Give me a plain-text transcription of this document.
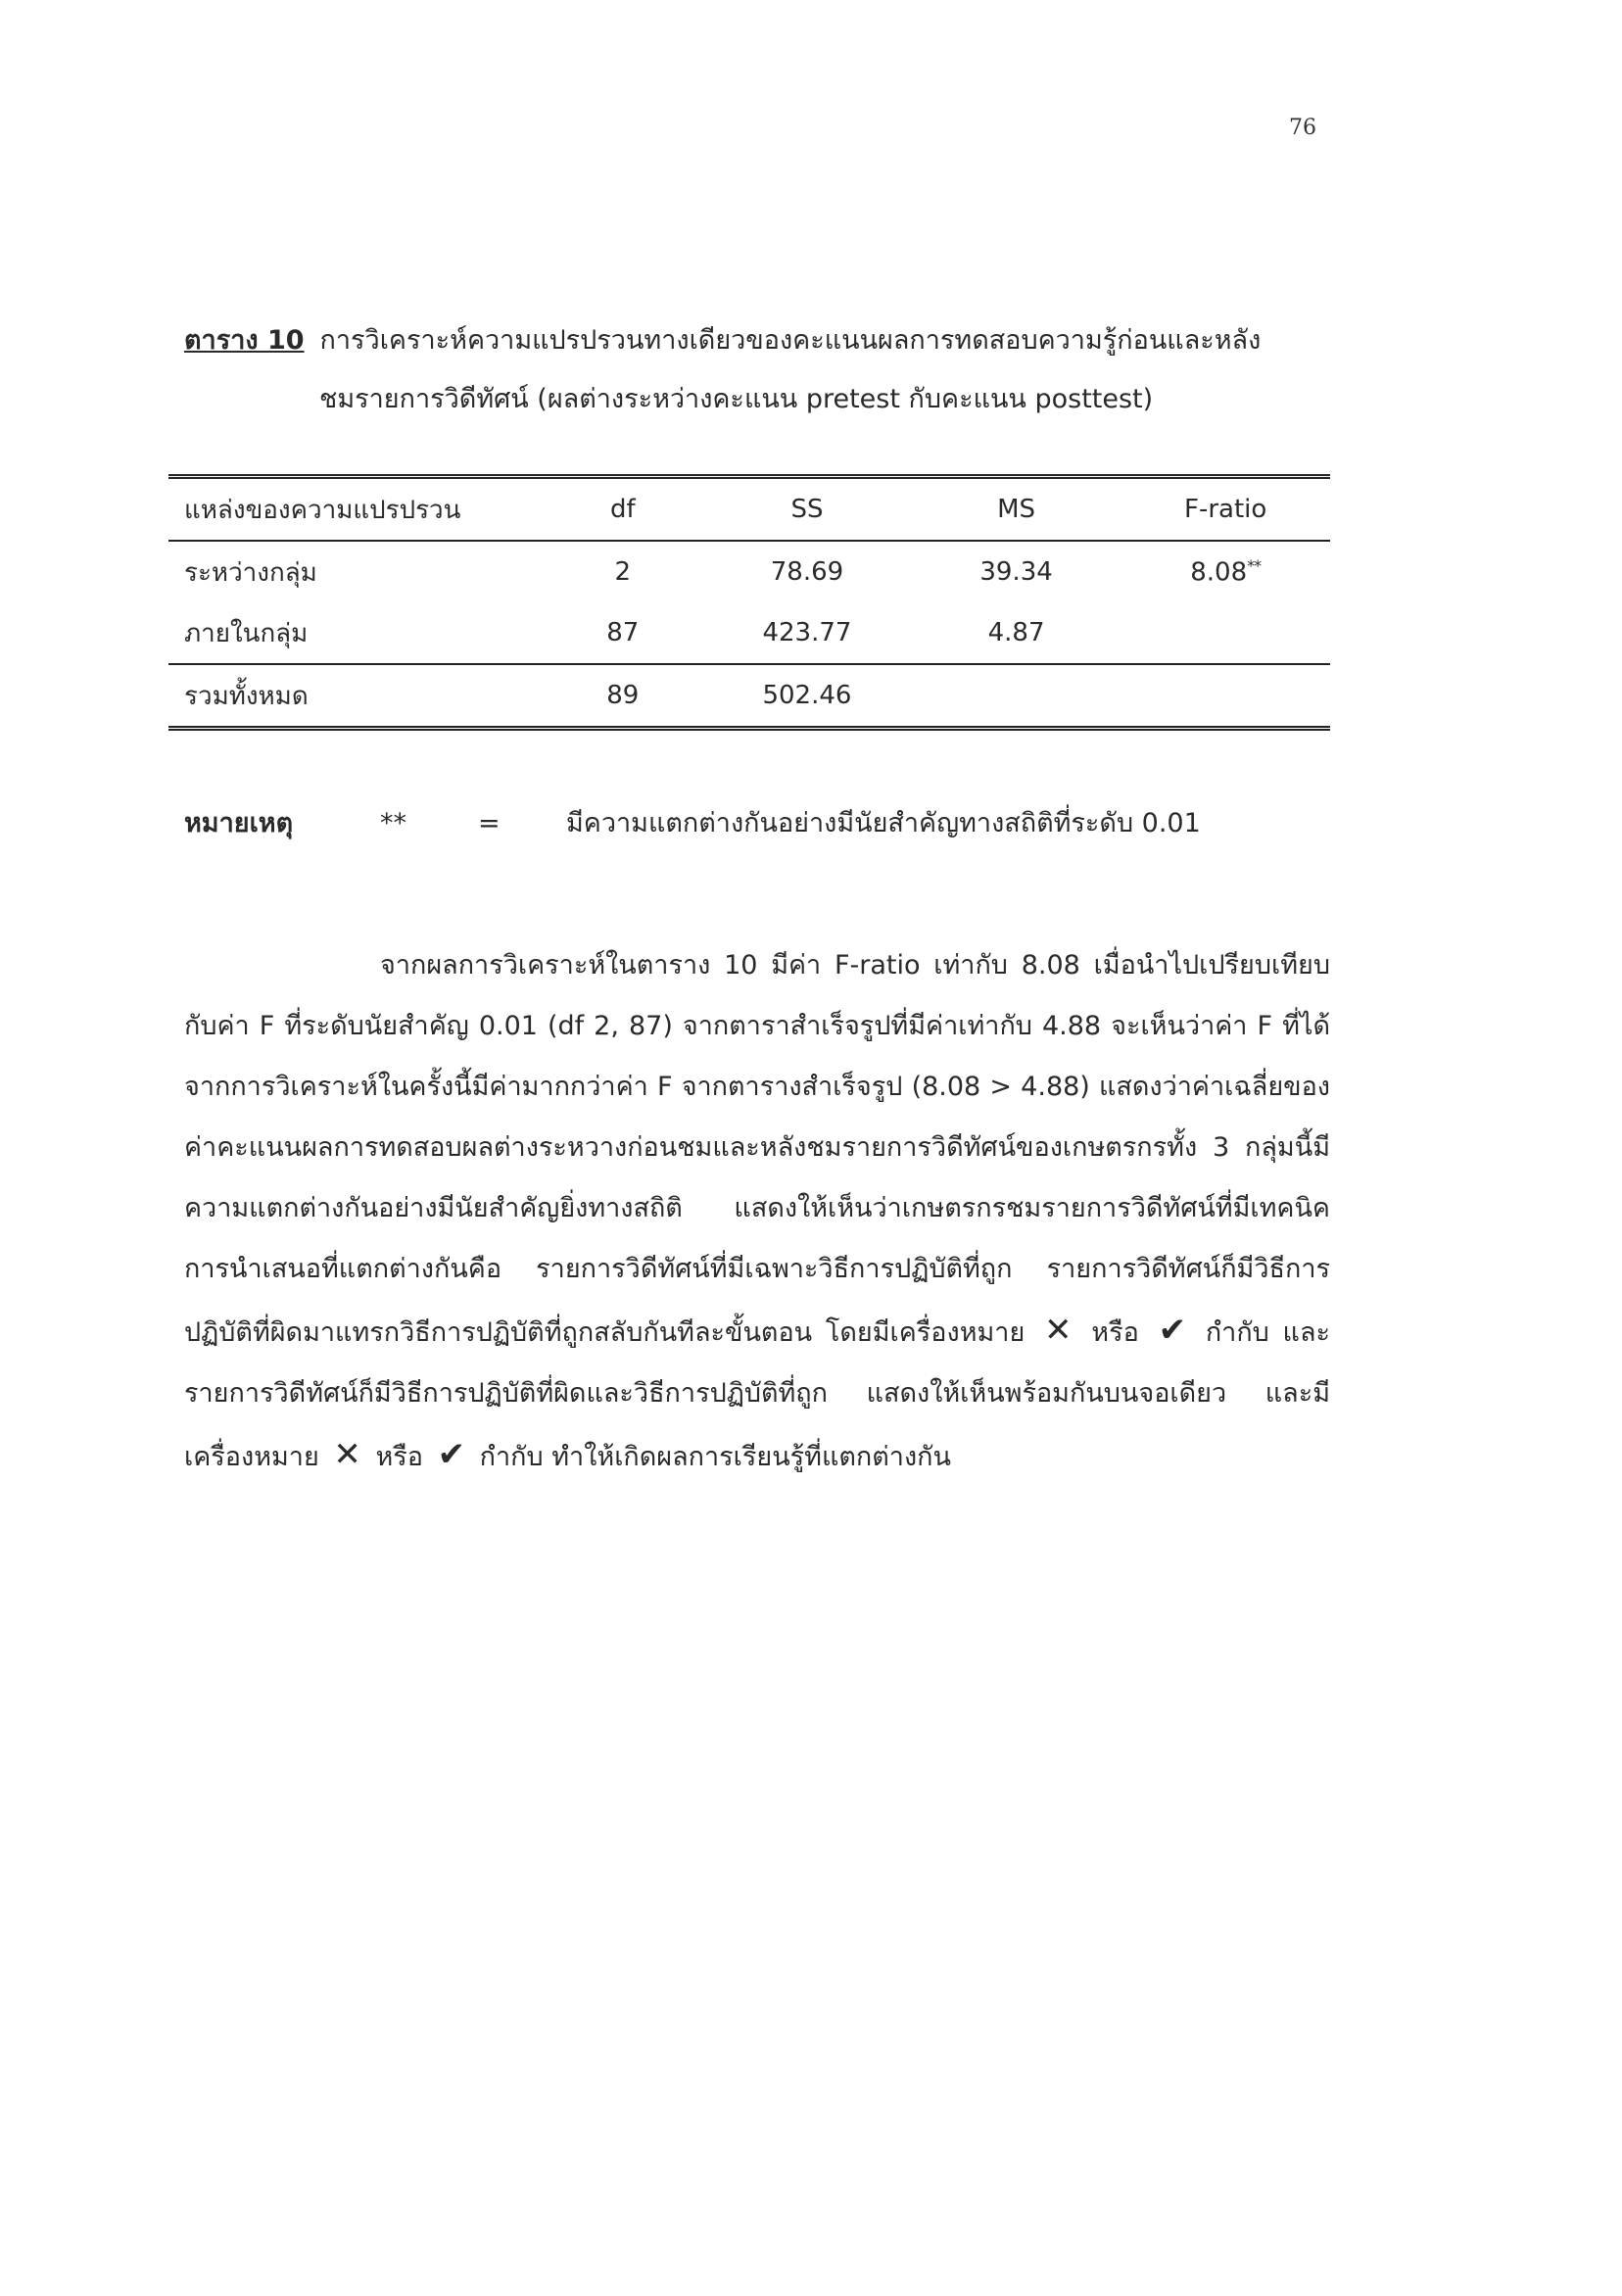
76
ตาราง 10 การวิเคราะห์ความแปรปรวนทางเดียวของคะแนนผลการทดสอบความรู้ก่อนและหลัง
ชมรายการวิดีทัศน์ (ผลต่างระหว่างคะแนน pretest กับคะแนน posttest)
แหล่งของความแปรปรวน	df	SS	MS	F-ratio
ระหว่างกลุ่ม	2	78.69	39.34	8.08**
ภายในกลุ่ม	87	423.77	4.87	
รวมทั้งหมด	89	502.46		
หมายเหตุ	**	=	มีความแตกต่างกันอย่างมีนัยสำคัญทางสถิติที่ระดับ 0.01

จากผลการวิเคราะห์ในตาราง 10 มีค่า F-ratio เท่ากับ 8.08 เมื่อนำไปเปรียบเทียบกับค่า F ที่ระดับนัยสำคัญ 0.01 (df 2, 87) จากตาราสำเร็จรูปที่มีค่าเท่ากับ 4.88 จะเห็นว่าค่า F ที่ได้จากการวิเคราะห์ในครั้งนี้มีค่ามากกว่าค่า F จากตารางสำเร็จรูป (8.08 > 4.88) แสดงว่าค่าเฉลี่ยของค่าคะแนนผลการทดสอบผลต่างระหวางก่อนชมและหลังชมรายการวิดีทัศน์ของเกษตรกรทั้ง 3 กลุ่มนี้มีความแตกต่างกันอย่างมีนัยสำคัญยิ่งทางสถิติ แสดงให้เห็นว่าเกษตรกรชมรายการวิดีทัศน์ที่มีเทคนิคการนำเสนอที่แตกต่างกันคือ รายการวิดีทัศน์ที่มีเฉพาะวิธีการปฏิบัติที่ถูก รายการวิดีทัศน์ก็มีวิธีการปฏิบัติที่ผิดมาแทรกวิธีการปฏิบัติที่ถูกสลับกันทีละขั้นตอน โดยมีเครื่องหมาย ✕ หรือ ✔ กำกับ และรายการวิดีทัศน์ก็มีวิธีการปฏิบัติที่ผิดและวิธีการปฏิบัติที่ถูก แสดงให้เห็นพร้อมกันบนจอเดียว และมีเครื่องหมาย ✕ หรือ ✔ กำกับ ทำให้เกิดผลการเรียนรู้ที่แตกต่างกัน
